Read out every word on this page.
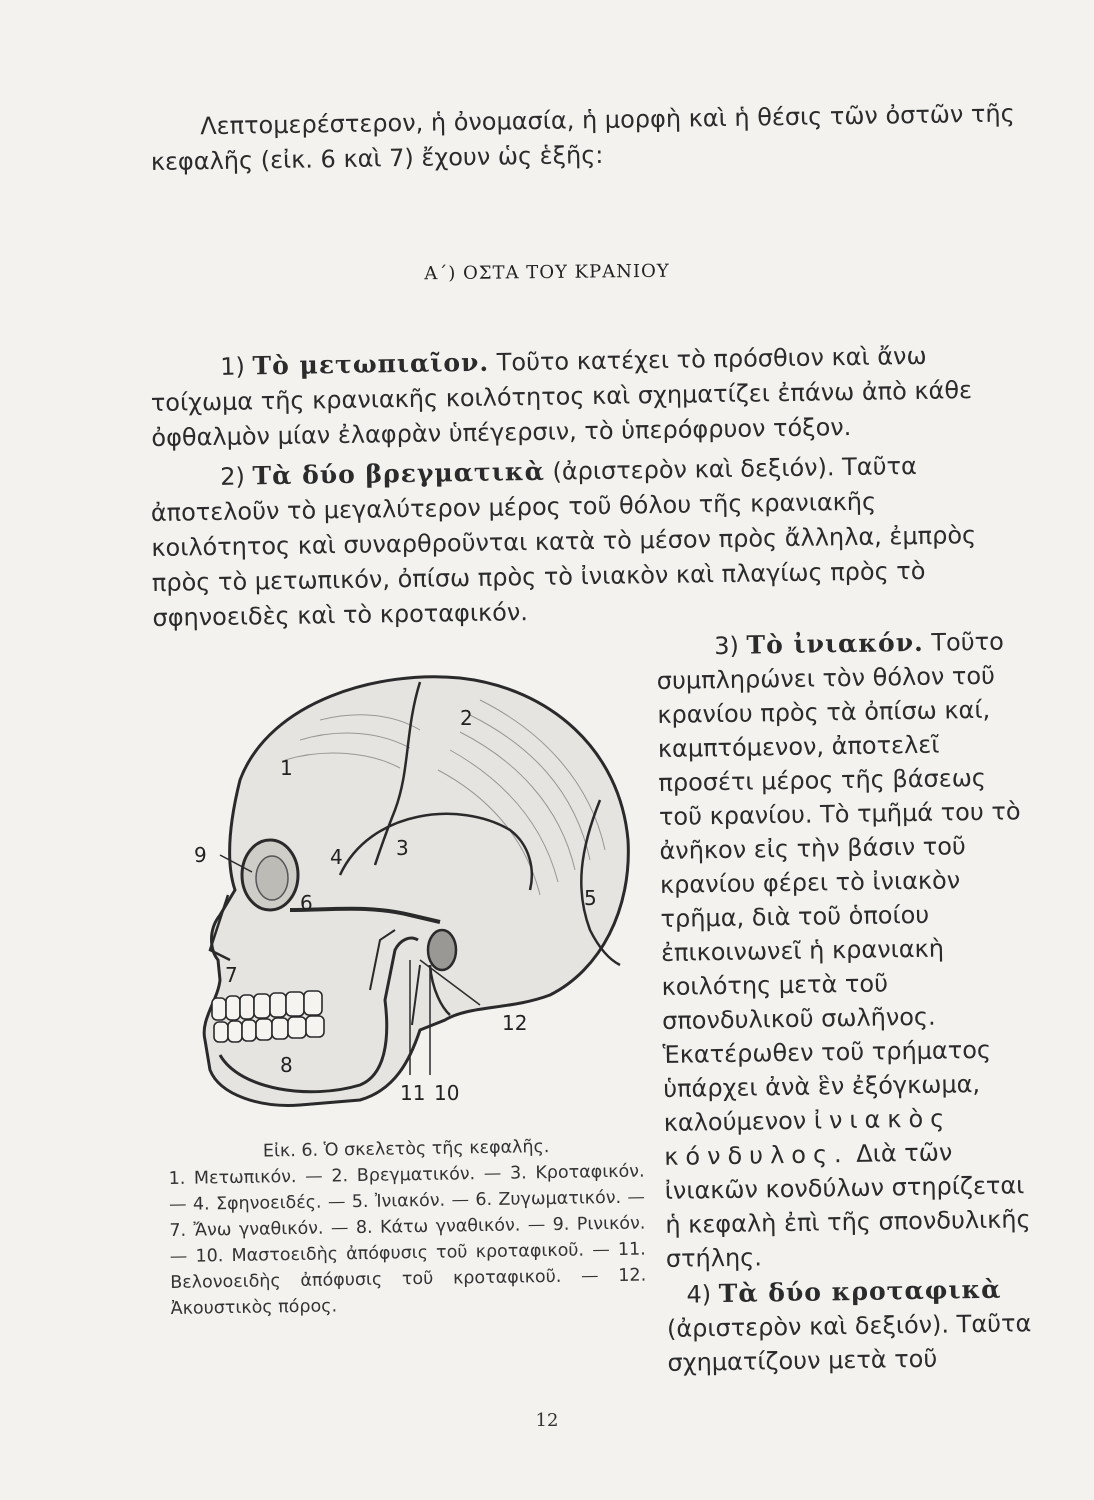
Λεπτομερέστερον, ἡ ὀνομασία, ἡ μορφὴ καὶ ἡ θέσις τῶν ὀστῶν τῆς κεφαλῆς (εἰκ. 6 καὶ 7) ἔχουν ὡς ἑξῆς:
Α΄) ΟΣΤΑ ΤΟΥ ΚΡΑΝΙΟΥ
1) Τὸ μετωπιαῖον. Τοῦτο κατέχει τὸ πρόσθιον καὶ ἄνω τοίχωμα τῆς κρανιακῆς κοιλότητος καὶ σχηματίζει ἐπάνω ἀπὸ κάθε ὀφθαλμὸν μίαν ἐλαφρὰν ὑπέγερσιν, τὸ ὑπερόφρυον τόξον.
2) Τὰ δύο βρεγματικὰ (ἀριστερὸν καὶ δεξιόν). Ταῦτα ἀποτελοῦν τὸ μεγαλύτερον μέρος τοῦ θόλου τῆς κρανιακῆς κοιλότητος καὶ συναρθροῦνται κατὰ τὸ μέσον πρὸς ἄλληλα, ἐμπρὸς πρὸς τὸ μετωπικόν, ὀπίσω πρὸς τὸ ἰνιακὸν καὶ πλαγίως πρὸς τὸ σφηνοειδὲς καὶ τὸ κροταφικόν.
3) Τὸ ἰνιακόν. Τοῦτο συμπληρώνει τὸν θόλον τοῦ κρανίου πρὸς τὰ ὀπίσω καί, καμπτόμενον, ἀποτελεῖ προσέτι μέρος τῆς βάσεως τοῦ κρανίου. Τὸ τμῆμά του τὸ ἀνῆκον εἰς τὴν βάσιν τοῦ κρανίου φέρει τὸ ἰνιακὸν τρῆμα, διὰ τοῦ ὁποίου ἐπικοινωνεῖ ἡ κρανιακὴ κοιλότης μετὰ τοῦ σπονδυλικοῦ σωλῆνος. Ἑκατέρωθεν τοῦ τρήματος ὑπάρχει ἀνὰ ἓν ἐξόγκωμα, καλούμενον ἰνιακὸς κόνδυλος. Διὰ τῶν ἰνιακῶν κονδύλων στηρίζεται ἡ κεφαλὴ ἐπὶ τῆς σπονδυλικῆς στήλης.
4) Τὰ δύο κροταφικὰ (ἀριστερὸν καὶ δεξιόν). Ταῦτα σχηματίζουν μετὰ τοῦ
1
2
3
4
5
6
7
8
9
10
11
12
Εἰκ. 6. Ὁ σκελετὸς τῆς κεφαλῆς.
1. Μετωπικόν. — 2. Βρεγματικόν. — 3. Κροταφικόν. — 4. Σφηνοειδές. — 5. Ἰνιακόν. — 6. Ζυγωματικόν. — 7. Ἄνω γναθικόν. — 8. Κάτω γναθικόν. — 9. Ρινικόν. — 10. Μαστοειδὴς ἀπόφυσις τοῦ κροταφικοῦ. — 11. Βελονοειδὴς ἀπόφυσις τοῦ κροταφικοῦ. — 12. Ἀκουστικὸς πόρος.
12
